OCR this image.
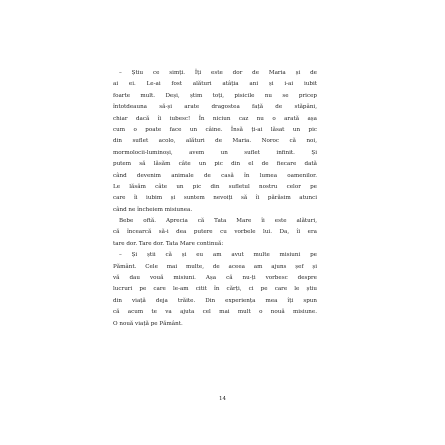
– Știu ce simți. Îți este dor de Maria și de
ai ei. Le-ai fost alături atâția ani și i-ai iubit
foarte mult. Deși, știm toți, pisicile nu se pricep
întotdeauna să-și arate dragostea față de stăpâni,
chiar dacă îi iubesc! În niciun caz nu o arată așa
cum o poate face un câine. Însă ți-ai lăsat un pic
din suflet acolo, alături de Maria. Noroc că noi,
mormolocii-luminoși, avem un suflet infinit. Și
putem să lăsăm câte un pic din el de fiecare dată
când devenim animale de casă în lumea oamenilor.
Le lăsăm câte un pic din sufletul nostru celor pe
care îi iubim și suntem nevoiți să îi părăsim atunci
când ne încheiem misiunea.
Bebe oftă. Aprecia că Tata Mare îi este alături,
că încearcă să-i dea putere cu vorbele lui. Da, îi era
tare dor. Tare dor. Tata Mare continuă:
– Și știi că și eu am avut multe misiuni pe
Pământ. Cele mai multe, de aceea am ajuns șef și
vă dau vouă misiuni. Așa că nu-ți vorbesc despre
lucruri pe care le-am citit în cărți, ci pe care le știu
din viață deja trăite. Din experiența mea îți spun
că acum te va ajuta cel mai mult o nouă misiune.
O nouă viață pe Pământ.
14
